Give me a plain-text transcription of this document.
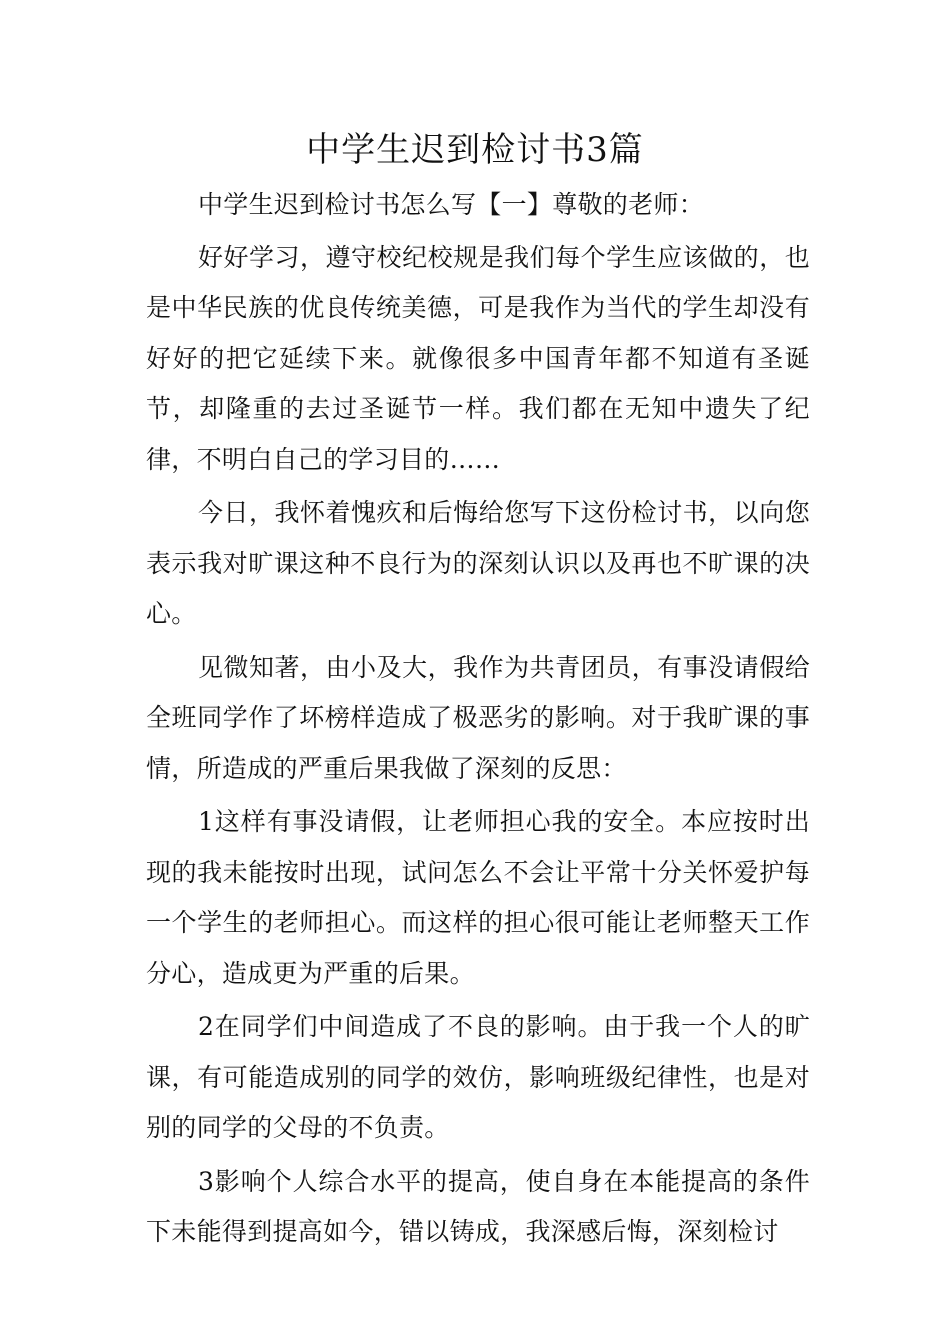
中学生迟到检讨书3篇

中学生迟到检讨书怎么写【一】尊敬的老师：

好好学习，遵守校纪校规是我们每个学生应该做的，也是中华民族的优良传统美德，可是我作为当代的学生却没有好好的把它延续下来。就像很多中国青年都不知道有圣诞节，却隆重的去过圣诞节一样。我们都在无知中遗失了纪律，不明白自己的学习目的……

今日，我怀着愧疚和后悔给您写下这份检讨书，以向您表示我对旷课这种不良行为的深刻认识以及再也不旷课的决心。

见微知著，由小及大，我作为共青团员，有事没请假给全班同学作了坏榜样造成了极恶劣的影响。对于我旷课的事情，所造成的严重后果我做了深刻的反思：

1这样有事没请假，让老师担心我的安全。本应按时出现的我未能按时出现，试问怎么不会让平常十分关怀爱护每一个学生的老师担心。而这样的担心很可能让老师整天工作分心，造成更为严重的后果。

2在同学们中间造成了不良的影响。由于我一个人的旷课，有可能造成别的同学的效仿，影响班级纪律性，也是对别的同学的父母的不负责。

3影响个人综合水平的提高，使自身在本能提高的条件下未能得到提高如今，错以铸成，我深感后悔，深刻检讨
